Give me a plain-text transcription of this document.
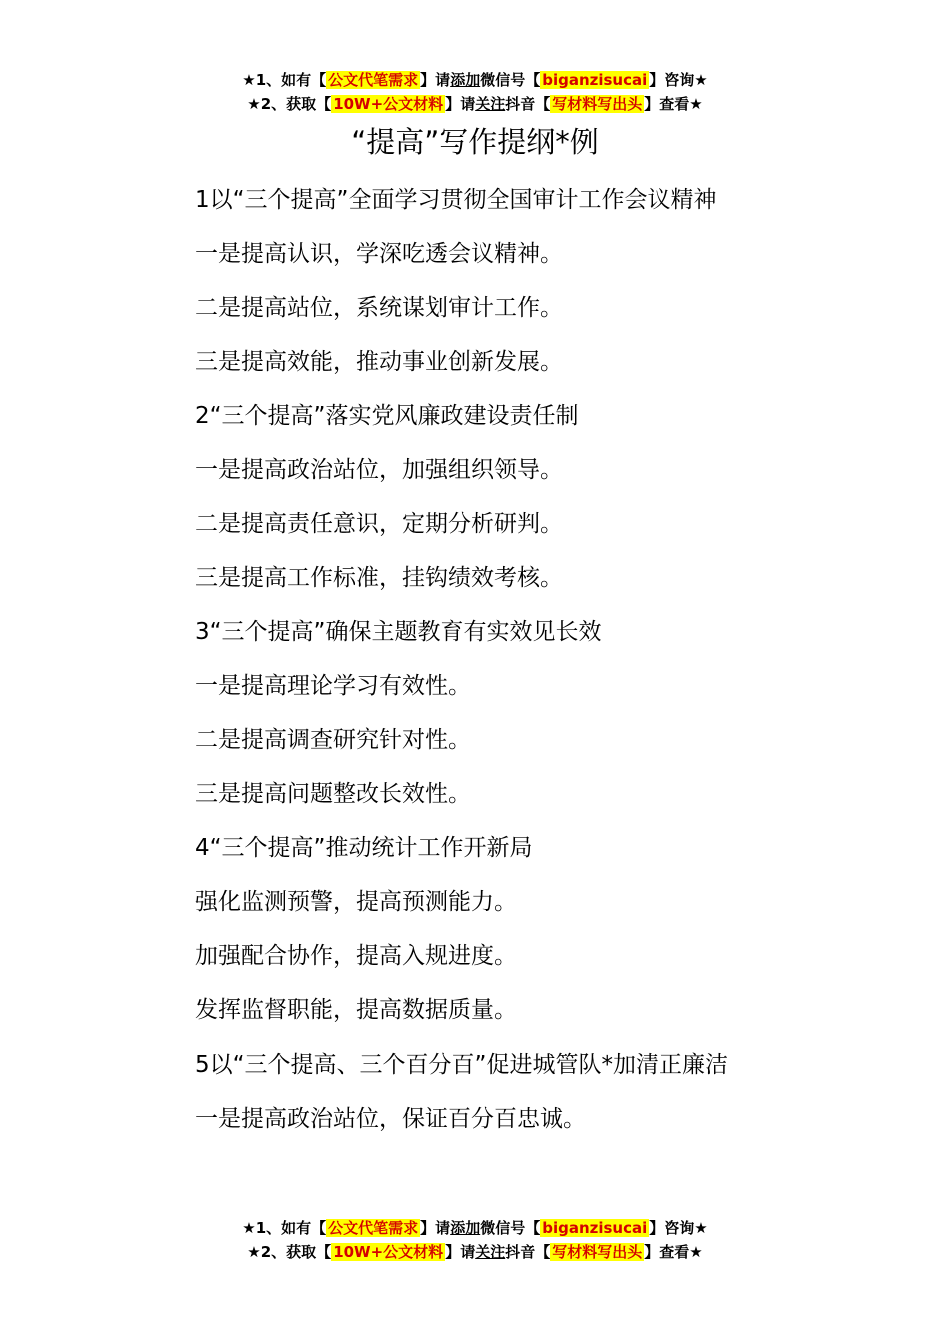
★1、如有【 公文代笔需求 】请添加微信号【 biganzisucai 】咨询★
★2、获取【 10W+公文材料 】请关注抖音【 写材料写出头 】查看★
“提高”写作提纲*例

1以“三个提高”全面学习贯彻全国审计工作会议精神

一是提高认识，学深吃透会议精神。

二是提高站位，系统谋划审计工作。

三是提高效能，推动事业创新发展。

2“三个提高”落实党风廉政建设责任制

一是提高政治站位，加强组织领导。

二是提高责任意识，定期分析研判。

三是提高工作标准，挂钩绩效考核。

3“三个提高”确保主题教育有实效见长效

一是提高理论学习有效性。

二是提高调查研究针对性。

三是提高问题整改长效性。

4“三个提高”推动统计工作开新局

强化监测预警，提高预测能力。

加强配合协作，提高入规进度。

发挥监督职能，提高数据质量。

5以“三个提高、三个百分百”促进城管队*加清正廉洁

一是提高政治站位，保证百分百忠诚。

★1、如有【 公文代笔需求 】请添加微信号【 biganzisucai 】咨询★
★2、获取【 10W+公文材料 】请关注抖音【 写材料写出头 】查看★
